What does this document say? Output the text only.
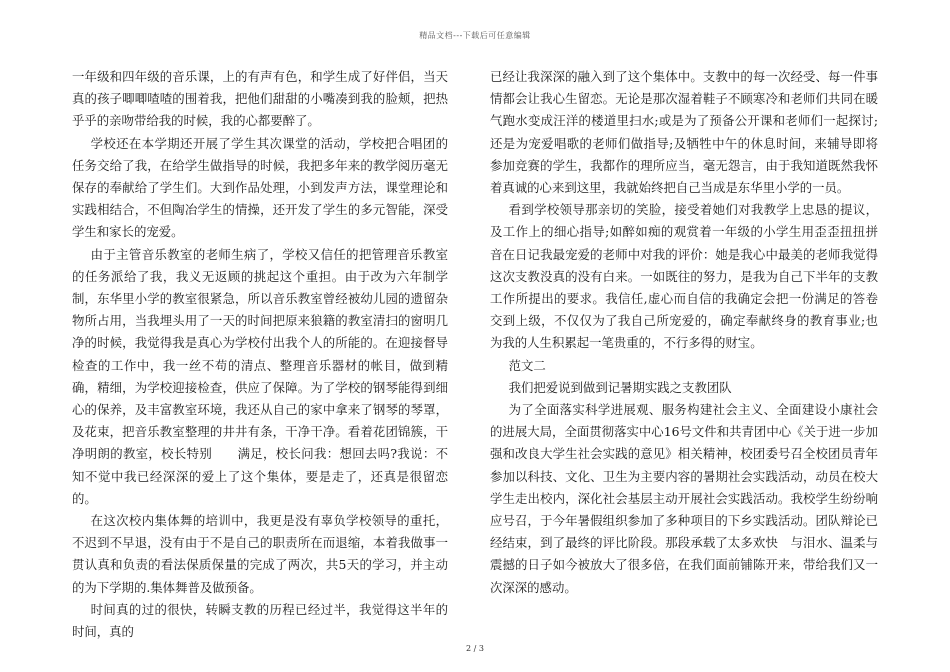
精品文档---下载后可任意编辑

一年级和四年级的音乐课，上的有声有色，和学生成了好伴侣，当天真的孩子唧唧喳喳的围着我，把他们甜甜的小嘴凑到我的脸颊，把热乎乎的亲吻带给我的时候，我的心都要醉了。

学校还在本学期还开展了学生其次课堂的活动，学校把合唱团的任务交给了我，在给学生做指导的时候，我把多年来的教学阅历毫无保存的奉献给了学生们。大到作品处理，小到发声方法，课堂理论和实践相结合，不但陶冶学生的情操，还开发了学生的多元智能，深受学生和家长的宠爱。

由于主管音乐教室的老师生病了，学校又信任的把管理音乐教室的任务派给了我，我义无返顾的挑起这个重担。由于改为六年制学制，东华里小学的教室很紧急，所以音乐教室曾经被幼儿园的遗留杂物所占用，当我埋头用了一天的时间把原来狼籍的教室清扫的窗明几净的时候，我觉得我是真心为学校付出我个人的所能的。在迎接督导检查的工作中，我一丝不苟的清点、整理音乐器材的帐目，做到精确，精细，为学校迎接检查，供应了保障。为了学校的钢琴能得到细心的保养，及丰富教室环境，我还从自己的家中拿来了钢琴的琴罩，及花束，把音乐教室整理的井井有条，干净干净。看着花团锦簇，干净明朗的教室，校长特别　　满足，校长问我：想回去吗?我说：不知不觉中我已经深深的爱上了这个集体，要是走了，还真是很留恋的。

在这次校内集体舞的培训中，我更是没有辜负学校领导的重托，不迟到不早退，没有由于不是自己的职责所在而退缩，本着我做事一贯认真和负责的看法保质保量的完成了两次，共5天的学习，并主动的为下学期的.集体舞普及做预备。

时间真的过的很快，转瞬支教的历程已经过半，我觉得这半年的时间，真的

已经让我深深的融入到了这个集体中。支教中的每一次经受、每一件事情都会让我心生留恋。无论是那次湿着鞋子不顾寒冷和老师们共同在暖气跑水变成汪洋的楼道里扫水;或是为了预备公开课和老师们一起探讨;还是为宠爱唱歌的老师们做指导;及牺牲中午的休息时间，来辅导即将参加竞赛的学生，我都作的理所应当，毫无怨言，由于我知道既然我怀着真诚的心来到这里，我就始终把自己当成是东华里小学的一员。

看到学校领导那亲切的笑脸，接受着她们对我教学上忠恳的提议，及工作上的细心指导;如醉如痴的观赏着一年级的小学生用歪歪扭扭拼音在日记我最宠爱的老师中对我的评价：她是我心中最美的老师我觉得这次支教没真的没有白来。一如既往的努力，是我为自己下半年的支教工作所提出的要求。我信任,虚心而自信的我确定会把一份满足的答卷交到上级，不仅仅为了我自己所宠爱的，确定奉献终身的教育事业;也为我的人生积累起一笔贵重的，不行多得的财宝。

范文二

我们把爱说到做到记暑期实践之支教团队

为了全面落实科学进展观、服务构建社会主义、全面建设小康社会的进展大局，全面贯彻落实中心16号文件和共青团中心《关于进一步加强和改良大学生社会实践的意见》相关精神，校团委号召全校团员青年参加以科技、文化、卫生为主要内容的暑期社会实践活动，动员在校大学生走出校内，深化社会基层主动开展社会实践活动。我校学生纷纷响应号召，于今年暑假组织参加了多种项目的下乡实践活动。团队辩论已经结束，到了最终的评比阶段。那段承载了太多欢快　与泪水、温柔与震撼的日子如今被放大了很多倍，在我们面前铺陈开来，带给我们又一次深深的感动。

2 / 3
